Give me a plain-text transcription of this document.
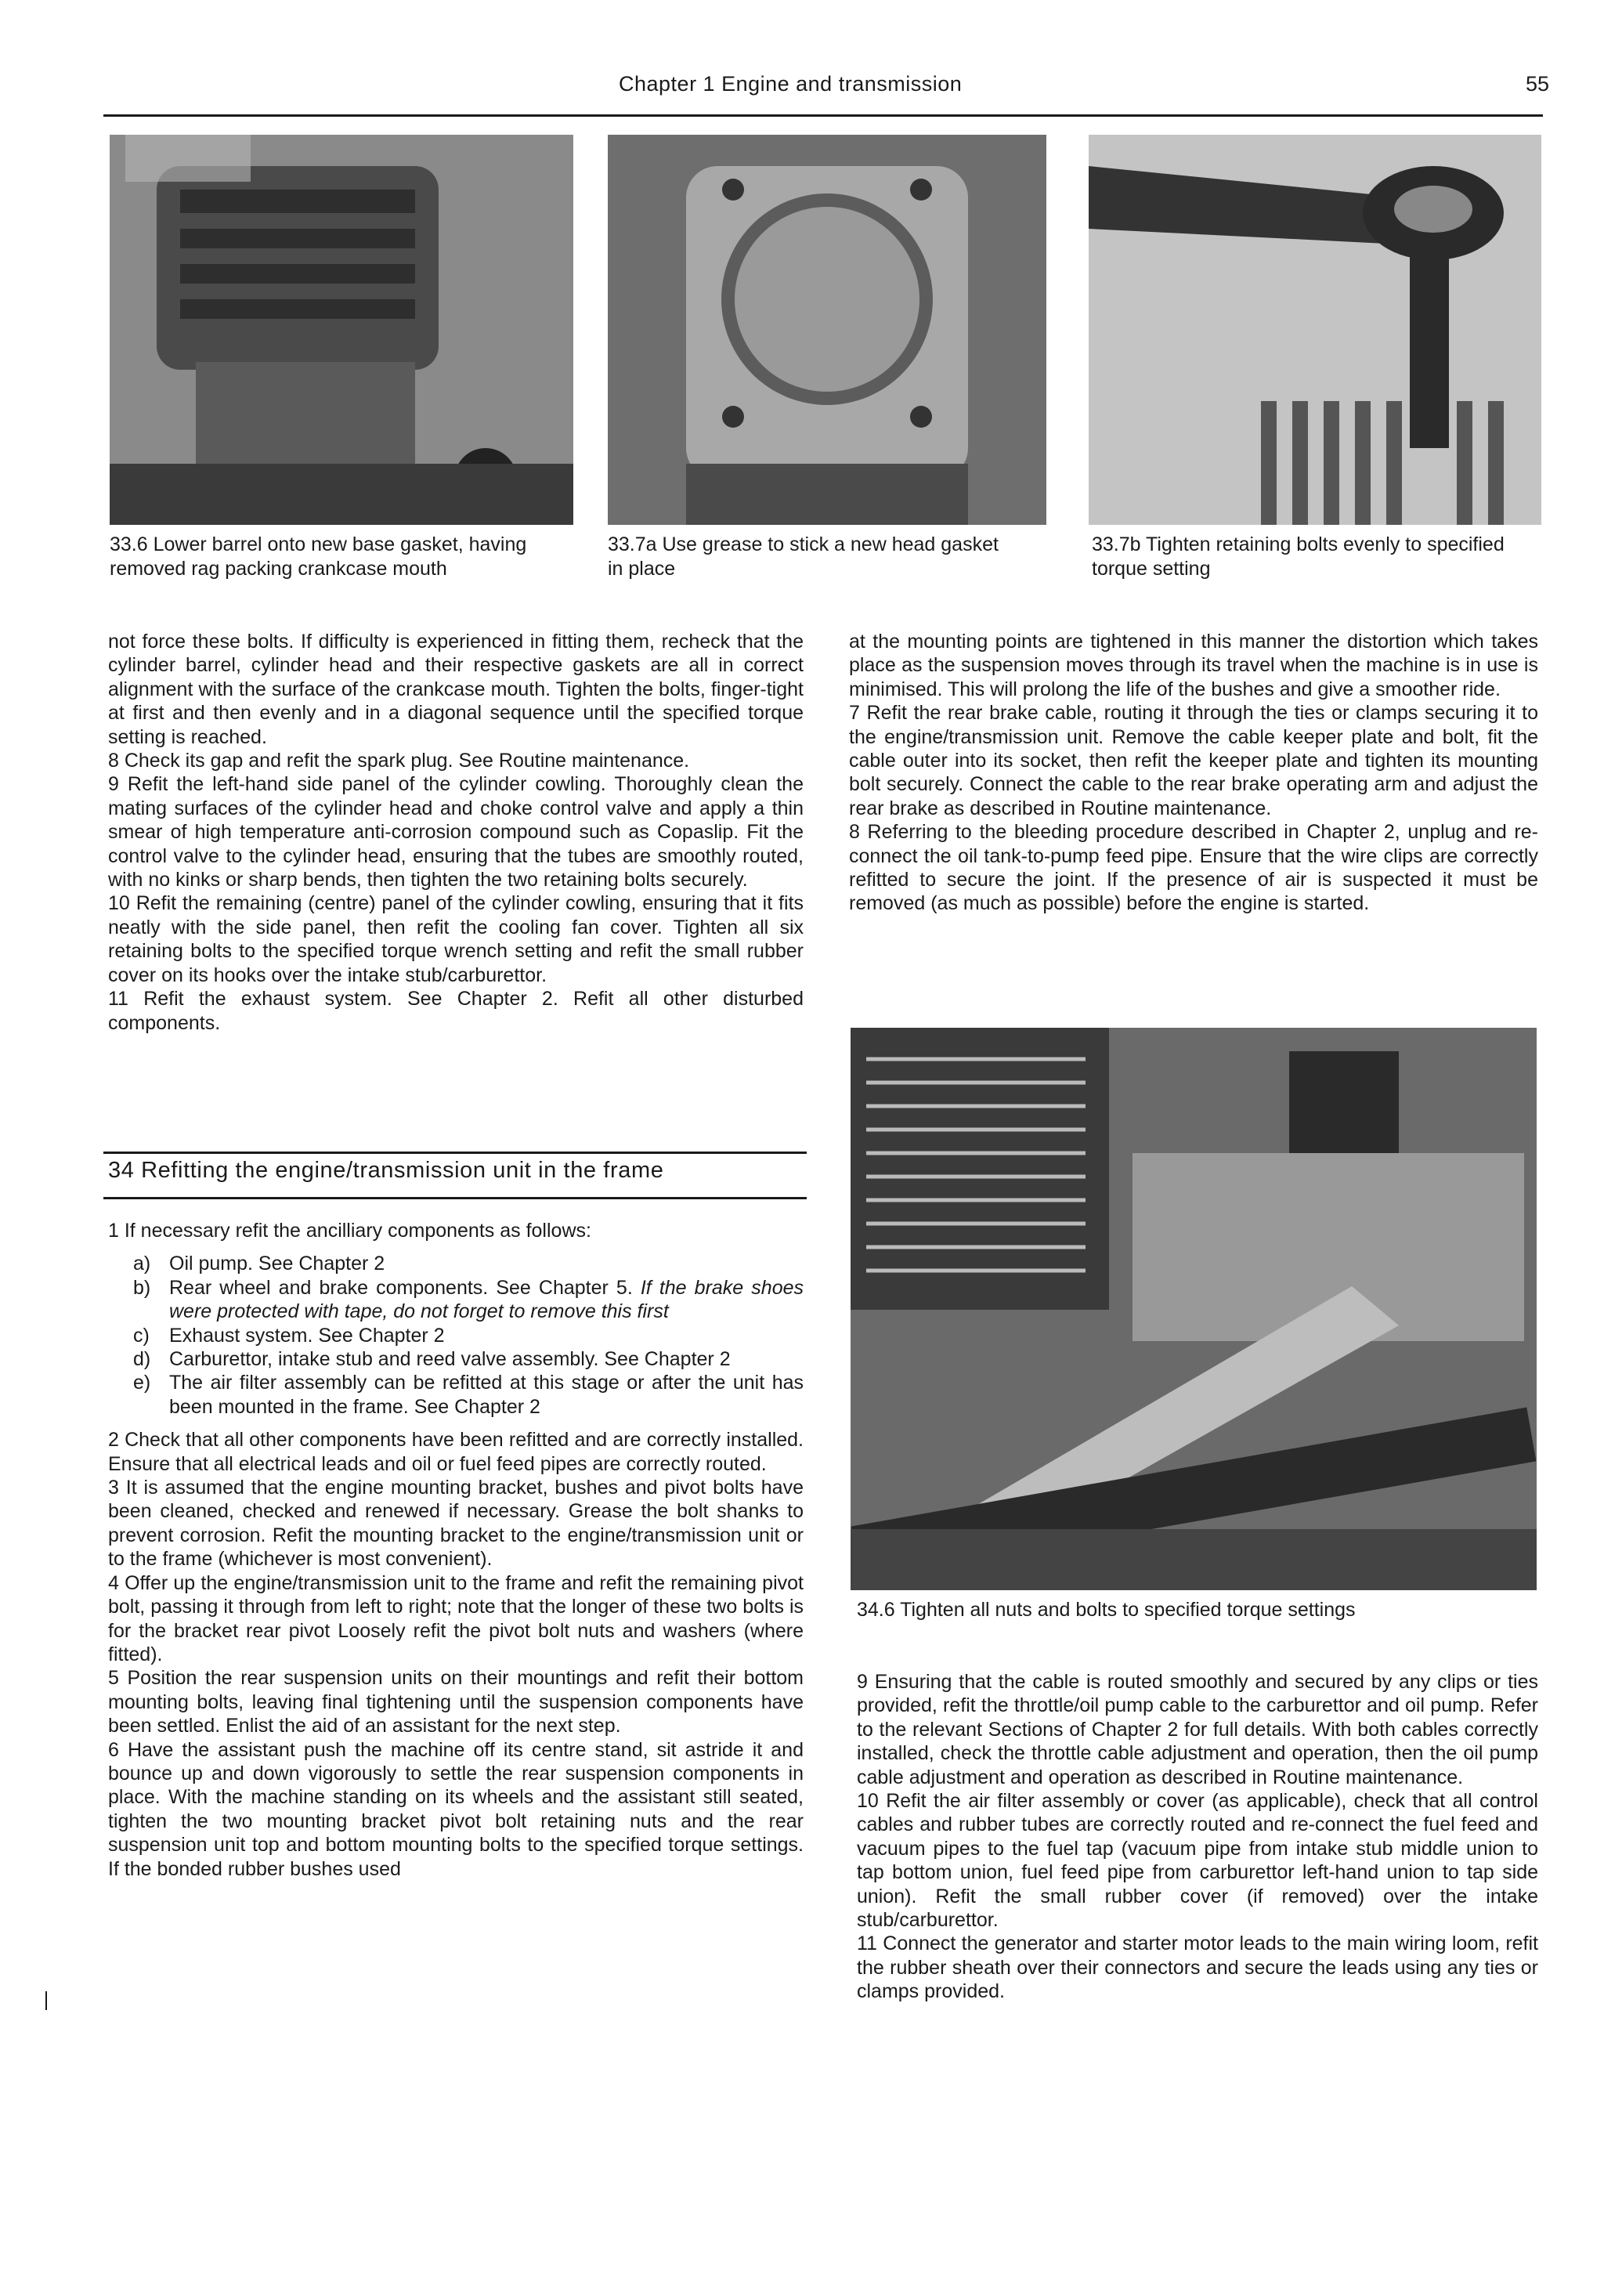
Chapter 1 Engine and transmission	55
33.6 Lower barrel onto new base gasket, having removed rag packing crankcase mouth
33.7a Use grease to stick a new head gasket in place
33.7b Tighten retaining bolts evenly to specified torque setting

not force these bolts. If difficulty is experienced in fitting them, recheck that the cylinder barrel, cylinder head and their respective gaskets are all in correct alignment with the surface of the crankcase mouth. Tighten the bolts, finger-tight at first and then evenly and in a diagonal sequence until the specified torque setting is reached.

8 Check its gap and refit the spark plug. See Routine maintenance.

9 Refit the left-hand side panel of the cylinder cowling. Thoroughly clean the mating surfaces of the cylinder head and choke control valve and apply a thin smear of high temperature anti-corrosion compound such as Copaslip. Fit the control valve to the cylinder head, ensuring that the tubes are smoothly routed, with no kinks or sharp bends, then tighten the two retaining bolts securely.

10 Refit the remaining (centre) panel of the cylinder cowling, ensuring that it fits neatly with the side panel, then refit the cooling fan cover. Tighten all six retaining bolts to the specified torque wrench setting and refit the small rubber cover on its hooks over the intake stub/carburettor.

11 Refit the exhaust system. See Chapter 2. Refit all other disturbed components.

34 Refitting the engine/transmission unit in the frame

1 If necessary refit the ancilliary components as follows:

a) Oil pump. See Chapter 2
b) Rear wheel and brake components. See Chapter 5. If the brake shoes were protected with tape, do not forget to remove this first
c)	Exhaust system. See Chapter 2
d) Carburettor, intake stub and reed valve assembly. See Chapter 2
e) The air filter assembly can be refitted at this stage or after the unit has been mounted in the frame. See Chapter 2

2 Check that all other components have been refitted and are correctly installed. Ensure that all electrical leads and oil or fuel feed pipes are correctly routed.

3 It is assumed that the engine mounting bracket, bushes and pivot bolts have been cleaned, checked and renewed if necessary. Grease the bolt shanks to prevent corrosion. Refit the mounting bracket to the engine/transmission unit or to the frame (whichever is most convenient).

4 Offer up the engine/transmission unit to the frame and refit the remaining pivot bolt, passing it through from left to right; note that the longer of these two bolts is for the bracket rear pivot Loosely refit the pivot bolt nuts and washers (where fitted).

5 Position the rear suspension units on their mountings and refit their bottom mounting bolts, leaving final tightening until the suspension components have been settled. Enlist the aid of an assistant for the next step.

6 Have the assistant push the machine off its centre stand, sit astride it and bounce up and down vigorously to settle the rear suspension components in place. With the machine standing on its wheels and the assistant still seated, tighten the two mounting bracket pivot bolt retaining nuts and the rear suspension unit top and bottom mounting bolts to the specified torque settings. If the bonded rubber bushes used

at the mounting points are tightened in this manner the distortion which takes place as the suspension moves through its travel when the machine is in use is minimised. This will prolong the life of the bushes and give a smoother ride.

7 Refit the rear brake cable, routing it through the ties or clamps securing it to the engine/transmission unit. Remove the cable keeper plate and bolt, fit the cable outer into its socket, then refit the keeper plate and tighten its mounting bolt securely. Connect the cable to the rear brake operating arm and adjust the rear brake as described in Routine maintenance.

8 Referring to the bleeding procedure described in Chapter 2, unplug and re-connect the oil tank-to-pump feed pipe. Ensure that the wire clips are correctly refitted to secure the joint. If the presence of air is suspected it must be removed (as much as possible) before the engine is started.

34.6 Tighten all nuts and bolts to specified torque settings

9 Ensuring that the cable is routed smoothly and secured by any clips or ties provided, refit the throttle/oil pump cable to the carburettor and oil pump. Refer to the relevant Sections of Chapter 2 for full details. With both cables correctly installed, check the throttle cable adjustment and operation, then the oil pump cable adjustment and operation as described in Routine maintenance.

10 Refit the air filter assembly or cover (as applicable), check that all control cables and rubber tubes are correctly routed and re-connect the fuel feed and vacuum pipes to the fuel tap (vacuum pipe from intake stub middle union to tap bottom union, fuel feed pipe from carburettor left-hand union to tap side union). Refit the small rubber cover (if removed) over the intake stub/carburettor.

11 Connect the generator and starter motor leads to the main wiring loom, refit the rubber sheath over their connectors and secure the leads using any ties or clamps provided.
